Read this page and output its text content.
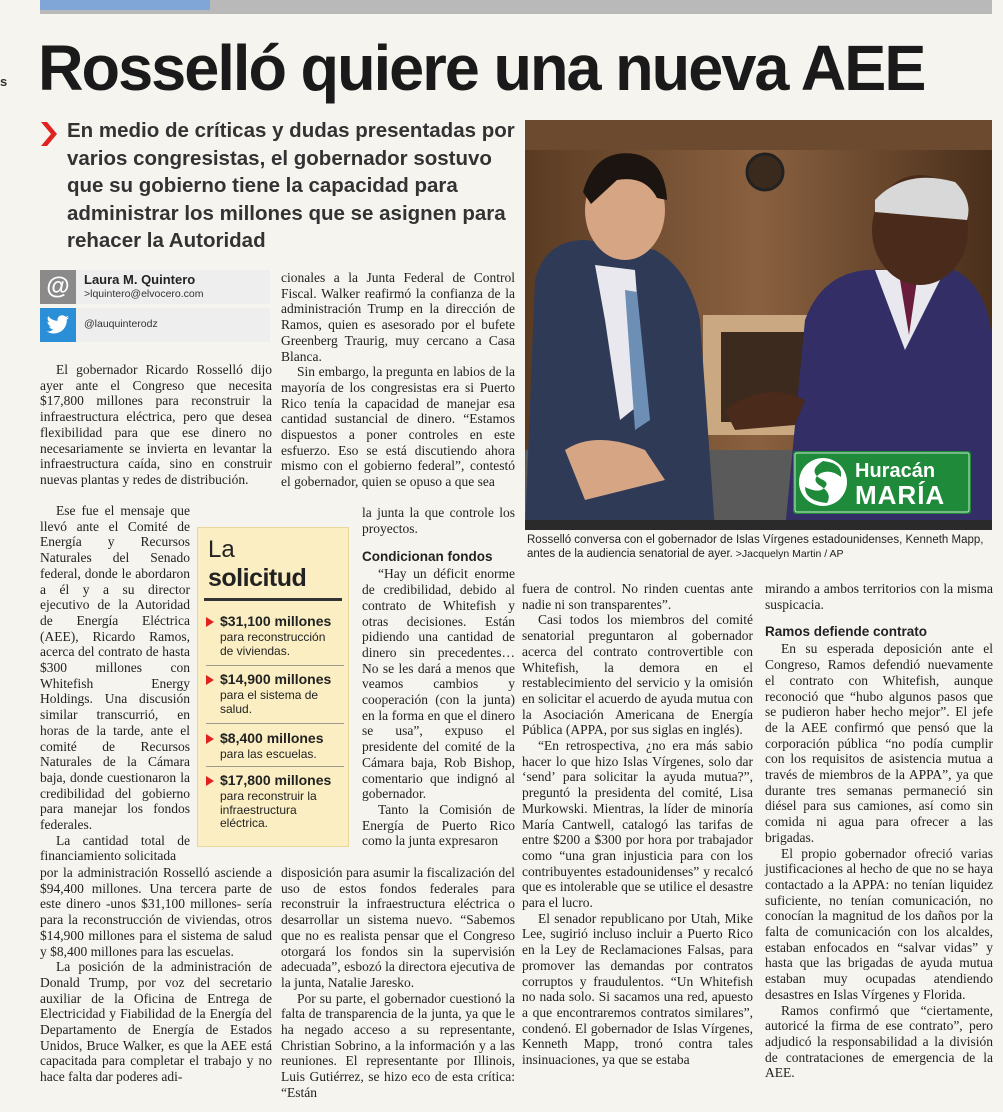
s Rosselló quiere una nueva AEE

En medio de críticas y dudas presentadas por varios congresistas, el gobernador sostuvo que su gobierno tiene la capacidad para administrar los millones que se asignen para rehacer la Autoridad

@	Laura M. Quintero
>lquintero@elvocero.com
@lauquinterodz

El gobernador Ricardo Rosselló dijo ayer ante el Congreso que necesita $17,800 millones para reconstruir la infraestructura eléctrica, pero que desea flexibilidad para que ese dinero no necesariamente se invierta en levantar la infraestructura caída, sino en construir nuevas plantas y redes de distribución.

Ese fue el mensaje que llevó ante el Comité de Energía y Recursos Naturales del Senado federal, donde le abordaron a él y a su director ejecutivo de la Autoridad de Energía Eléctrica (AEE), Ricardo Ramos, acerca del contrato de hasta $300 millones con Whitefish Energy Holdings. Una discusión similar transcurrió, en horas de la tarde, ante el comité de Recursos Naturales de la Cámara baja, donde cuestionaron la credibilidad del gobierno para manejar los fondos federales.

La cantidad total de financiamiento solicitada

por la administración Rosselló asciende a $94,400 millones. Una tercera parte de este dinero -unos $31,100 millones- sería para la reconstrucción de viviendas, otros $14,900 millones para el sistema de salud y $8,400 millones para las escuelas.

La posición de la administración de Donald Trump, por voz del secretario auxiliar de la Oficina de Entrega de Electricidad y Fiabilidad de la Energía del Departamento de Energía de Estados Unidos, Bruce Walker, es que la AEE está capacitada para completar el trabajo y no hace falta dar poderes adi-

La
solicitud
$31,100 millones
para reconstrucción de viviendas.
$14,900 millones
para el sistema de salud.
$8,400 millones
para las escuelas.
$17,800 millones
para reconstruir la infraestructura eléctrica.

cionales a la Junta Federal de Control Fiscal. Walker reafirmó la confianza de la administración Trump en la dirección de Ramos, quien es asesorado por el bufete Greenberg Traurig, muy cercano a Casa Blanca.

Sin embargo, la pregunta en labios de la mayoría de los congresistas era si Puerto Rico tenía la capacidad de manejar esa cantidad sustancial de dinero. “Estamos dispuestos a poner controles en este esfuerzo. Eso se está discutiendo ahora mismo con el gobierno federal”, contestó el gobernador, quien se opuso a que sea

la junta la que controle los proyectos.

Condicionan fondos

“Hay un déficit enorme de credibilidad, debido al contrato de Whitefish y otras decisiones. Están pidiendo una cantidad de dinero sin precedentes… No se les dará a menos que veamos cambios y cooperación (con la junta) en la forma en que el dinero se usa”, expuso el presidente del comité de la Cámara baja, Rob Bishop, comentario que indignó al gobernador.

Tanto la Comisión de Energía de Puerto Rico como la junta expresaron

disposición para asumir la fiscalización del uso de estos fondos federales para reconstruir la infraestructura eléctrica o desarrollar un sistema nuevo. “Sabemos que no es realista pensar que el Congreso otorgará los fondos sin la supervisión adecuada”, esbozó la directora ejecutiva de la junta, Natalie Jaresko.

Por su parte, el gobernador cuestionó la falta de transparencia de la junta, ya que le ha negado acceso a su representante, Christian Sobrino, a la información y a las reuniones. El representante por Illinois, Luis Gutiérrez, se hizo eco de esta crítica: “Están

Huracán
MARÍA

Rosselló conversa con el gobernador de Islas Vírgenes estadounidenses, Kenneth Mapp, antes de la audiencia senatorial de ayer. >Jacquelyn Martin / AP

fuera de control. No rinden cuentas ante nadie ni son transparentes”.

Casi todos los miembros del comité senatorial preguntaron al gobernador acerca del contrato controvertible con Whitefish, la demora en el restablecimiento del servicio y la omisión en solicitar el acuerdo de ayuda mutua con la Asociación Americana de Energía Pública (APPA, por sus siglas en inglés).

“En retrospectiva, ¿no era más sabio hacer lo que hizo Islas Vírgenes, solo dar ‘send’ para solicitar la ayuda mutua?”, preguntó la presidenta del comité, Lisa Murkowski. Mientras, la líder de minoría María Cantwell, catalogó las tarifas de entre $200 a $300 por hora por trabajador como “una gran injusticia para con los contribuyentes estadounidenses” y recalcó que es intolerable que se utilice el desastre para el lucro.

El senador republicano por Utah, Mike Lee, sugirió incluso incluir a Puerto Rico en la Ley de Reclamaciones Falsas, para promover las demandas por contratos corruptos y fraudulentos. “Un Whitefish no nada solo. Si sacamos una red, apuesto a que encontraremos contratos similares”, condenó. El gobernador de Islas Vírgenes, Kenneth Mapp, tronó contra tales insinuaciones, ya que se estaba

mirando a ambos territorios con la misma suspicacia.

Ramos defiende contrato

En su esperada deposición ante el Congreso, Ramos defendió nuevamente el contrato con Whitefish, aunque reconoció que “hubo algunos pasos que se pudieron haber hecho mejor”. El jefe de la AEE confirmó que pensó que la corporación pública “no podía cumplir con los requisitos de asistencia mutua a través de miembros de la APPA”, ya que durante tres semanas permaneció sin diésel para sus camiones, así como sin comida ni agua para ofrecer a las brigadas.

El propio gobernador ofreció varias justificaciones al hecho de que no se haya contactado a la APPA: no tenían liquidez suficiente, no tenían comunicación, no conocían la magnitud de los daños por la falta de comunicación con los alcaldes, estaban enfocados en “salvar vidas” y hasta que las brigadas de ayuda mutua estaban muy ocupadas atendiendo desastres en Islas Vírgenes y Florida.

Ramos confirmó que “ciertamente, autoricé la firma de ese contrato”, pero adjudicó la responsabilidad a la división de contrataciones de emergencia de la AEE.
